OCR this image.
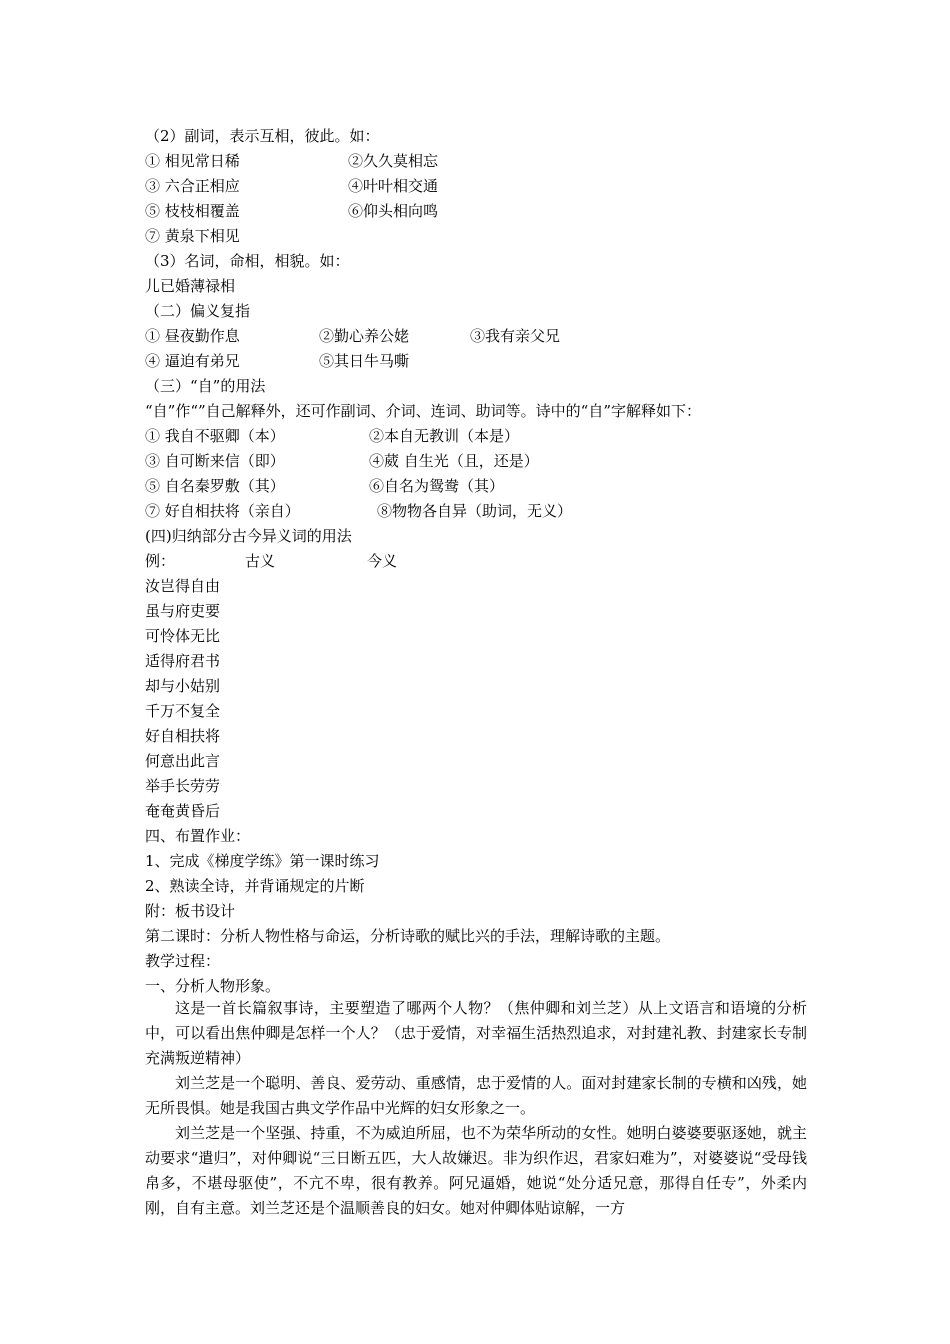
（2）副词，表示互相，彼此。如：
① 相见常日稀	②久久莫相忘
③ 六合正相应	④叶叶相交通
⑤ 枝枝相覆盖	⑥仰头相向鸣
⑦ 黄泉下相见
（3）名词，命相，相貌。如：
儿已婚薄禄相
（二）偏义复指
① 昼夜勤作息	②勤心养公姥	③我有亲父兄
④ 逼迫有弟兄	⑤其日牛马嘶
（三）“自”的用法
“自”作“”自己解释外，还可作副词、介词、连词、助词等。诗中的“自”字解释如下：
① 我自不驱卿（本）	②本自无教训（本是）
③ 自可断来信（即）	④葳 自生光（且，还是）
⑤ 自名秦罗敷（其）	⑥自名为鸳鸯（其）
⑦ 好自相扶将（亲自）	⑧物物各自异（助词，无义）
(四)归纳部分古今异义词的用法
例：	古义	今义
汝岂得自由
虽与府吏要
可怜体无比
适得府君书
却与小姑别
千万不复全
好自相扶将
何意出此言
举手长劳劳
奄奄黄昏后
四、布置作业：
1、完成《梯度学练》第一课时练习
2、熟读全诗，并背诵规定的片断
附：板书设计
第二课时：分析人物性格与命运，分析诗歌的赋比兴的手法，理解诗歌的主题。
教学过程：
一、分析人物形象。
这是一首长篇叙事诗，主要塑造了哪两个人物？（焦仲卿和刘兰芝）从上文语言和语境的分析中，可以看出焦仲卿是怎样一个人？（忠于爱情，对幸福生活热烈追求，对封建礼教、封建家长专制充满叛逆精神）
刘兰芝是一个聪明、善良、爱劳动、重感情，忠于爱情的人。面对封建家长制的专横和凶残，她无所畏惧。她是我国古典文学作品中光辉的妇女形象之一。
刘兰芝是一个坚强、持重，不为威迫所屈，也不为荣华所动的女性。她明白婆婆要驱逐她，就主动要求“遣归”，对仲卿说“三日断五匹，大人故嫌迟。非为织作迟，君家妇难为”，对婆婆说“受母钱帛多，不堪母驱使”，不亢不卑，很有教养。阿兄逼婚，她说“处分适兄意，那得自任专”，外柔内刚，自有主意。刘兰芝还是个温顺善良的妇女。她对仲卿体贴谅解，一方
